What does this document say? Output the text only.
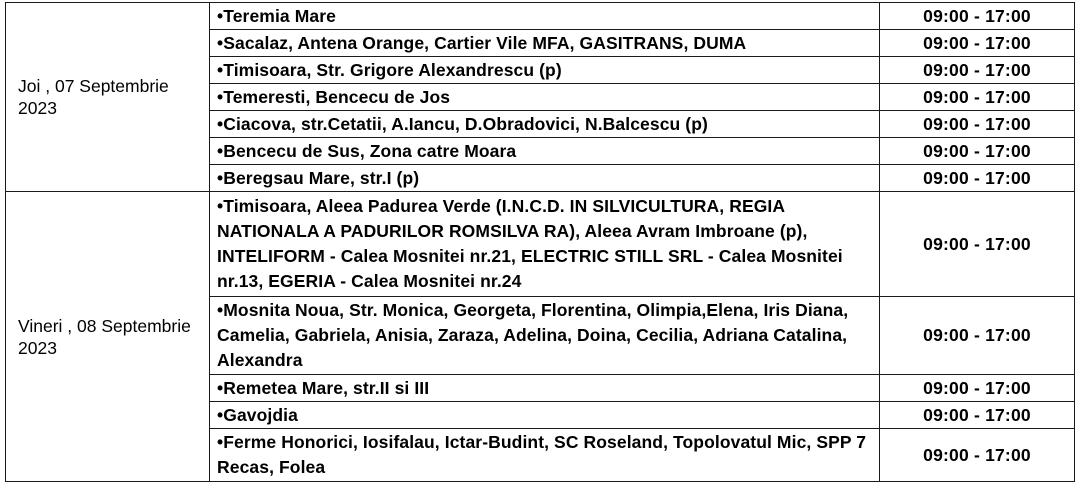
Joi , 07 Septembrie 2023	•Teremia Mare	09:00 - 17:00
	•Sacalaz, Antena Orange, Cartier Vile MFA, GASITRANS, DUMA	09:00 - 17:00
	•Timisoara, Str. Grigore Alexandrescu (p)	09:00 - 17:00
	•Temeresti, Bencecu de Jos	09:00 - 17:00
	•Ciacova, str.Cetatii, A.Iancu, D.Obradovici, N.Balcescu (p)	09:00 - 17:00
	•Bencecu de Sus, Zona catre Moara	09:00 - 17:00
	•Beregsau Mare, str.I (p)	09:00 - 17:00
Vineri , 08 Septembrie 2023	•Timisoara, Aleea Padurea Verde (I.N.C.D. IN SILVICULTURA, REGIA NATIONALA A PADURILOR ROMSILVA RA), Aleea Avram Imbroane (p), INTELIFORM - Calea Mosnitei nr.21, ELECTRIC STILL SRL - Calea Mosnitei nr.13, EGERIA - Calea Mosnitei nr.24	09:00 - 17:00
	•Mosnita Noua, Str. Monica, Georgeta, Florentina, Olimpia,Elena, Iris Diana, Camelia, Gabriela, Anisia, Zaraza, Adelina, Doina, Cecilia, Adriana Catalina, Alexandra	09:00 - 17:00
	•Remetea Mare, str.II si III	09:00 - 17:00
	•Gavojdia	09:00 - 17:00
	•Ferme Honorici, Iosifalau, Ictar-Budint, SC Roseland, Topolovatul Mic, SPP 7 Recas, Folea	09:00 - 17:00
